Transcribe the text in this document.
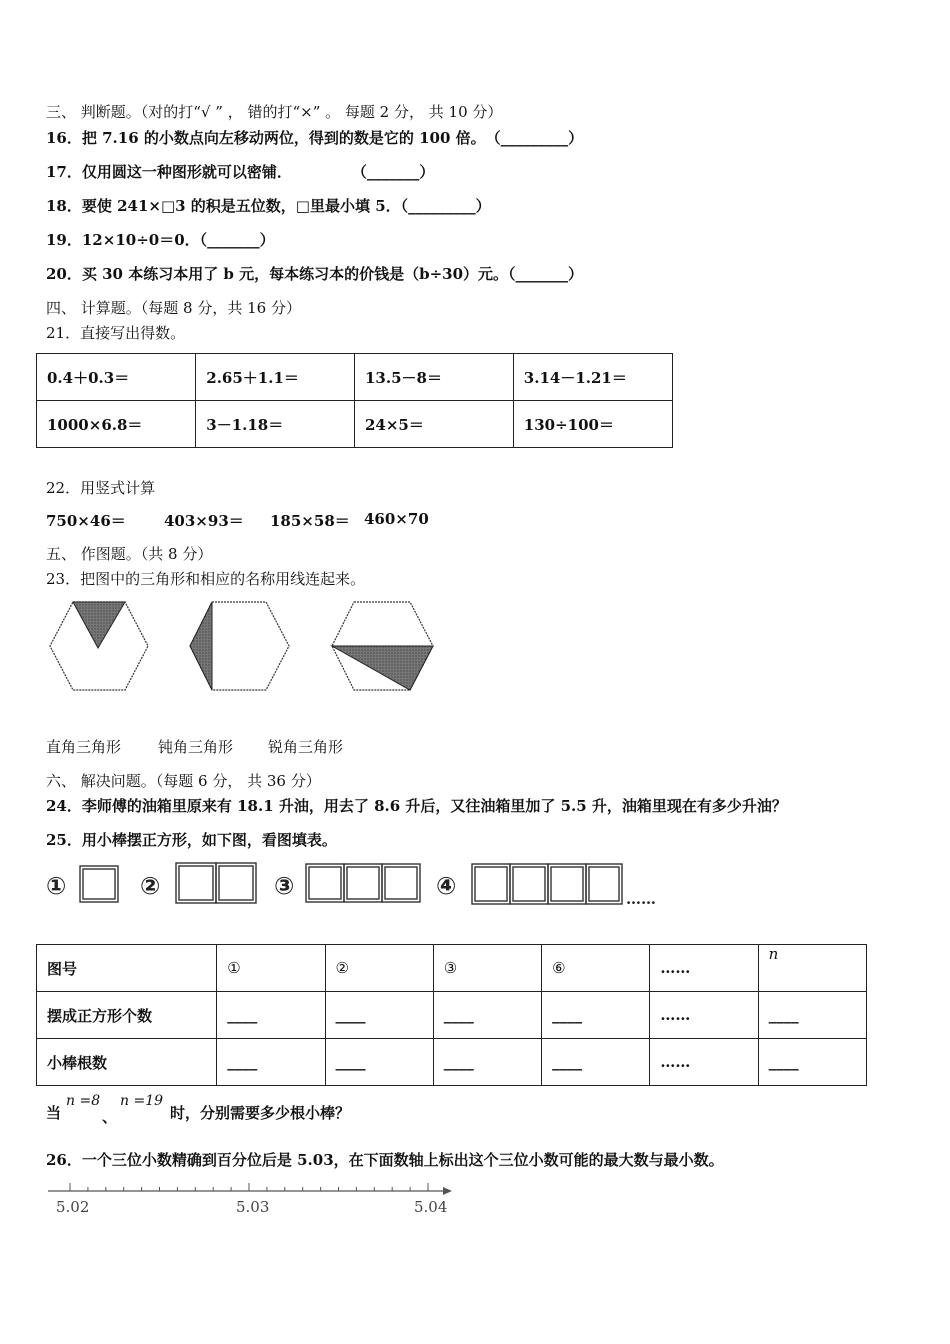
三、 判断题。（对的打“√ ” ， 错的打“×” 。 每题 2 分， 共 10 分）
16．把 7.16 的小数点向左移动两位，得到的数是它的 100 倍。　（_________）
17．仅用圆这一种图形就可以密铺．　　　　　（_______）
18．要使 241×□3 的积是五位数，□里最小填 5．（_________）
19．12×10÷0＝0．（_______）
20．买 30 本练习本用了 b 元，每本练习本的价钱是（b÷30）元。（_______）
四、 计算题。（每题 8 分，共 16 分）
21．直接写出得数。
0.4＋0.3＝	2.65＋1.1＝	13.5－8＝	3.14－1.21＝
1000×6.8＝	3－1.18＝	24×5＝	130÷100＝
22．用竖式计算
750×46＝	403×93＝ 185×58＝ 460×70
五、 作图题。（共 8 分）
23．把图中的三角形和相应的名称用线连起来。
直角三角形 钝角三角形 锐角三角形
六、 解决问题。（每题 6 分， 共 36 分）
24．李师傅的油箱里原来有 18.1 升油，用去了 8.6 升后，又往油箱里加了 5.5 升，油箱里现在有多少升油？
25．用小棒摆正方形，如下图，看图填表。
①	②	③	④	……
图号	①	②	③	⑥	……	n
摆成正方形个数	____	____	____	____	……	____
小棒根数	____	____	____	____	……	____
当
n =8
、
n =19
时，分别需要多少根小棒？
26．一个三位小数精确到百分位后是 5.03，在下面数轴上标出这个三位小数可能的最大数与最小数。
5.02	5.03	5.04
